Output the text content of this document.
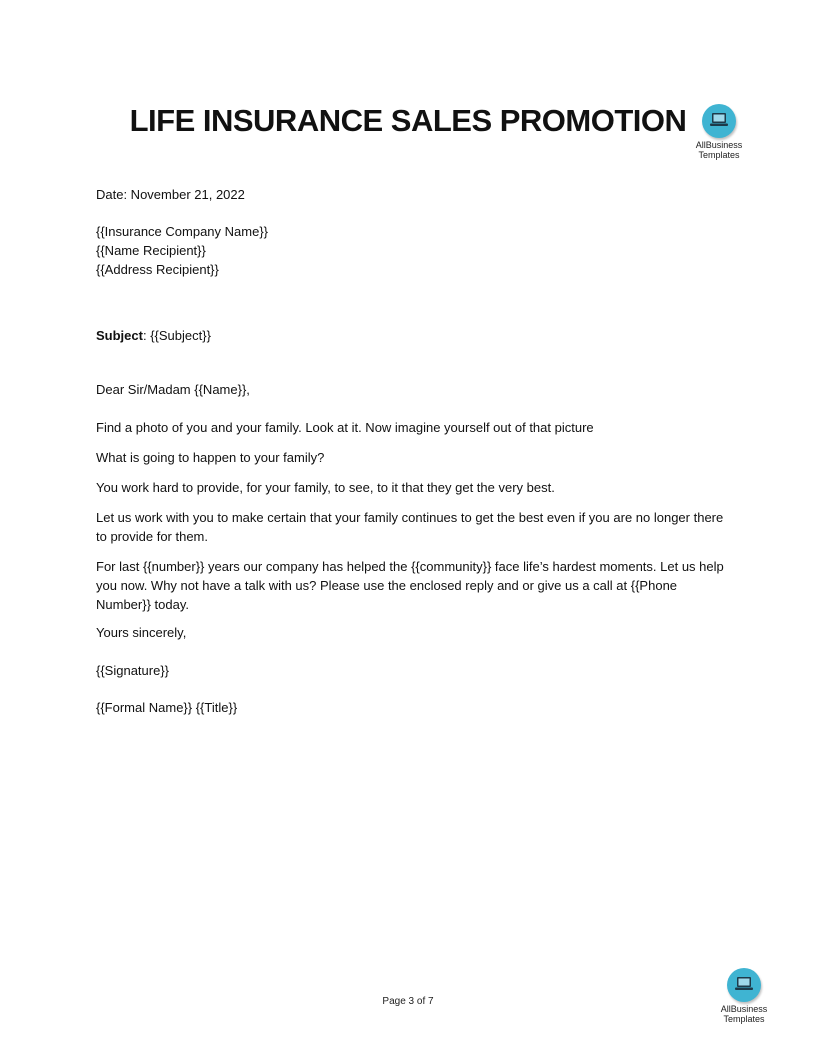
LIFE INSURANCE SALES PROMOTION
AllBusiness
Templates
Date: November 21, 2022
{{Insurance Company Name}}
{{Name Recipient}}
{{Address Recipient}}
Subject: {{Subject}}
Dear Sir/Madam {{Name}},
Find a photo of you and your family. Look at it. Now imagine yourself out of that picture
What is going to happen to your family?
You work hard to provide, for your family, to see, to it that they get the very best.
Let us work with you to make certain that your family continues to get the best even if you are no longer there to provide for them.
For last {{number}} years our company has helped the {{community}} face life’s hardest moments. Let us help you now. Why not have a talk with us? Please use the enclosed reply and or give us a call at {{Phone Number}} today.
Yours sincerely,
{{Signature}}
{{Formal Name}} {{Title}}
Page 3 of 7
AllBusiness
Templates
